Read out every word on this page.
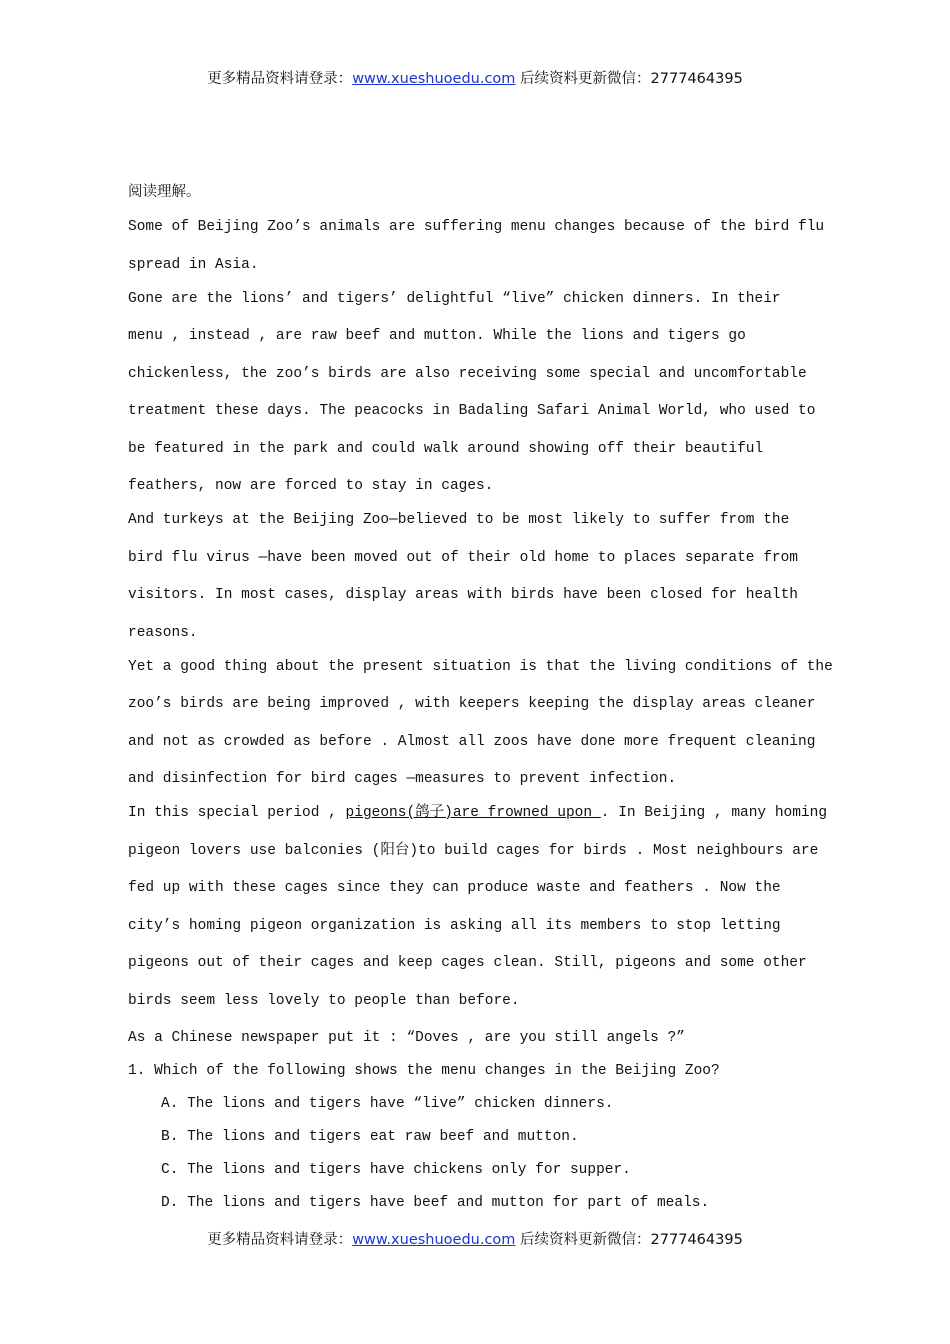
更多精品资料请登录：www.xueshuoedu.com 后续资料更新微信：2777464395
阅读理解。
Some of Beijing Zoo’s animals are suffering menu changes because of the bird flu
spread in Asia.
Gone are the lions’ and tigers’ delightful “live” chicken dinners. In their
menu , instead , are raw beef and mutton. While the lions and tigers go
chickenless, the zoo’s birds are also receiving some special and uncomfortable
treatment these days. The peacocks in Badaling Safari Animal World, who used to
be featured in the park and could walk around showing off their beautiful
feathers, now are forced to stay in cages.
And turkeys at the Beijing Zoo—believed to be most likely to suffer from the
bird flu virus —have been moved out of their old home to places separate from
visitors. In most cases, display areas with birds have been closed for health
reasons.
Yet a good thing about the present situation is that the living conditions of the
zoo’s birds are being improved , with keepers keeping the display areas cleaner
and not as crowded as before . Almost all zoos have done more frequent cleaning
and disinfection for bird cages —measures to prevent infection.
In this special period , pigeons(鸽子)are frowned upon . In Beijing , many homing
pigeon lovers use balconies (阳台)to build cages for birds . Most neighbours are
fed up with these cages since they can produce waste and feathers . Now the
city’s homing pigeon organization is asking all its members to stop letting
pigeons out of their cages and keep cages clean. Still, pigeons and some other
birds seem less lovely to people than before.
As a Chinese newspaper put it : “Doves , are you still angels ?”
1. Which of the following shows the menu changes in the Beijing Zoo?
A. The lions and tigers have “live” chicken dinners.
B. The lions and tigers eat raw beef and mutton.
C. The lions and tigers have chickens only for supper.
D. The lions and tigers have beef and mutton for part of meals.
更多精品资料请登录：www.xueshuoedu.com 后续资料更新微信：2777464395
